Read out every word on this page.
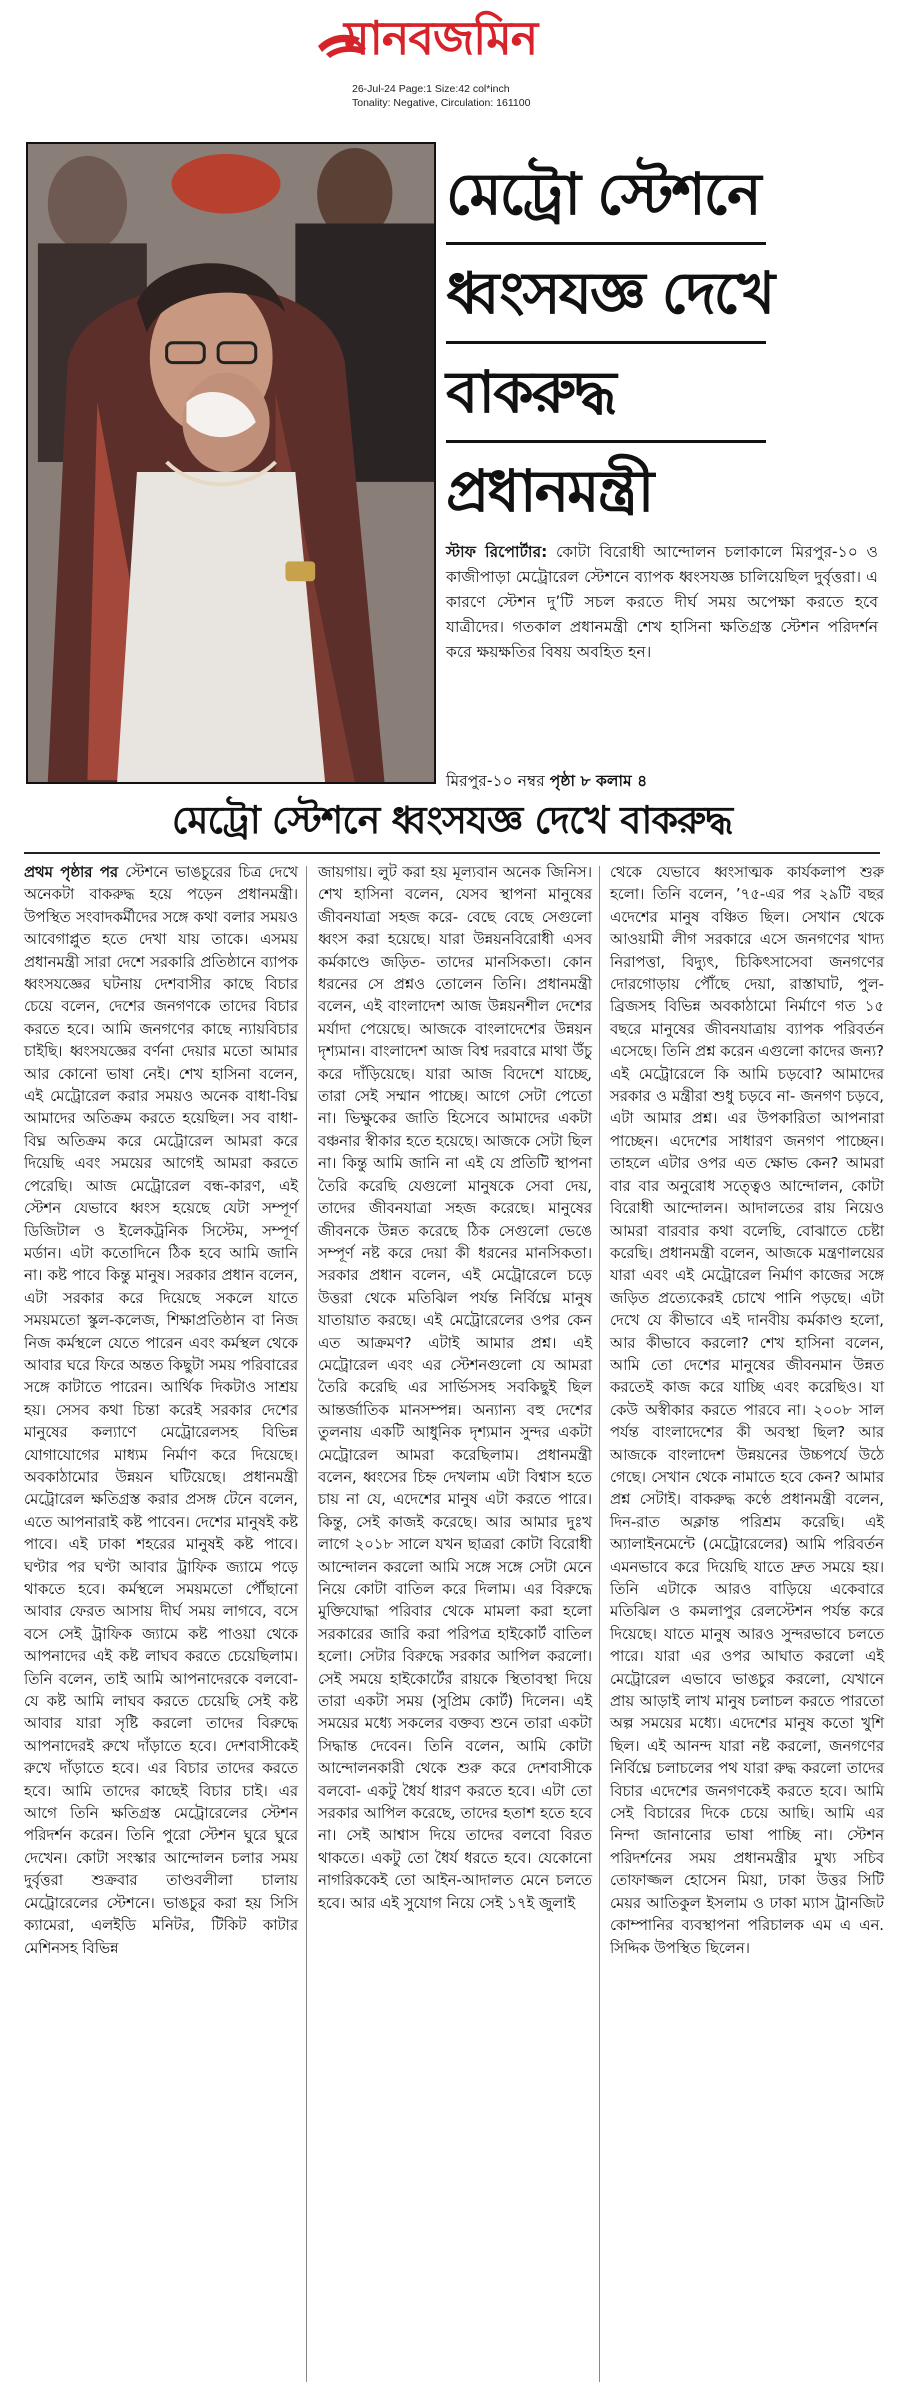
মানবজমিন
26-Jul-24 Page:1 Size:42 col*inch
Tonality: Negative, Circulation: 161100
মেট্রো স্টেশনে
ধ্বংসযজ্ঞ দেখে
বাকরুদ্ধ
প্রধানমন্ত্রী
স্টাফ রিপোর্টার: কোটা বিরোধী আন্দোলন চলাকালে মিরপুর-১০ ও কাজীপাড়া মেট্রোরেল স্টেশনে ব্যাপক ধ্বংসযজ্ঞ চালিয়েছিল দুর্বৃত্তরা। এ কারণে স্টেশন দু’টি সচল করতে দীর্ঘ সময় অপেক্ষা করতে হবে যাত্রীদের। গতকাল প্রধানমন্ত্রী শেখ হাসিনা ক্ষতিগ্রস্ত স্টেশন পরিদর্শন করে ক্ষয়ক্ষতির বিষয় অবহিত হন।
মিরপুর-১০ নম্বর পৃষ্ঠা ৮ কলাম ৪
মেট্রো স্টেশনে ধ্বংসযজ্ঞ দেখে বাকরুদ্ধ
প্রথম পৃষ্ঠার পর স্টেশনে ভাঙচুরের চিত্র দেখে অনেকটা বাকরুদ্ধ হয়ে পড়েন প্রধানমন্ত্রী। উপস্থিত সংবাদকর্মীদের সঙ্গে কথা বলার সময়ও আবেগাপ্লুত হতে দেখা যায় তাকে। এসময় প্রধানমন্ত্রী সারা দেশে সরকারি প্রতিষ্ঠানে ব্যাপক ধ্বংসযজ্ঞের ঘটনায় দেশবাসীর কাছে বিচার চেয়ে বলেন, দেশের জনগণকে তাদের বিচার করতে হবে। আমি জনগণের কাছে ন্যায়বিচার চাইছি। ধ্বংসযজ্ঞের বর্ণনা দেয়ার মতো আমার আর কোনো ভাষা নেই। শেখ হাসিনা বলেন, এই মেট্রোরেল করার সময়ও অনেক বাধা-বিঘ্ন আমাদের অতিক্রম করতে হয়েছিল। সব বাধা-বিঘ্ন অতিক্রম করে মেট্রোরেল আমরা করে দিয়েছি এবং সময়ের আগেই আমরা করতে পেরেছি। আজ মেট্রোরেল বন্ধ-কারণ, এই স্টেশন যেভাবে ধ্বংস হয়েছে যেটা সম্পূর্ণ ডিজিটাল ও ইলেকট্রনিক সিস্টেম, সম্পূর্ণ মর্ডান। এটা কতোদিনে ঠিক হবে আমি জানি না। কষ্ট পাবে কিন্তু মানুষ। সরকার প্রধান বলেন, এটা সরকার করে দিয়েছে সকলে যাতে সময়মতো স্কুল-কলেজ, শিক্ষাপ্রতিষ্ঠান বা নিজ নিজ কর্মস্থলে যেতে পারেন এবং কর্মস্থল থেকে আবার ঘরে ফিরে অন্তত কিছুটা সময় পরিবারের সঙ্গে কাটাতে পারেন। আর্থিক দিকটাও সাশ্রয় হয়। সেসব কথা চিন্তা করেই সরকার দেশের মানুষের কল্যাণে মেট্রোরেলসহ বিভিন্ন যোগাযোগের মাধ্যম নির্মাণ করে দিয়েছে। অবকাঠামোর উন্নয়ন ঘটিয়েছে। প্রধানমন্ত্রী মেট্রোরেল ক্ষতিগ্রস্ত করার প্রসঙ্গ টেনে বলেন, এতে আপনারাই কষ্ট পাবেন। দেশের মানুষই কষ্ট পাবে। এই ঢাকা শহরের মানুষই কষ্ট পাবে। ঘণ্টার পর ঘণ্টা আবার ট্রাফিক জ্যামে পড়ে থাকতে হবে। কর্মস্থলে সময়মতো পৌঁছানো আবার ফেরত আসায় দীর্ঘ সময় লাগবে, বসে বসে সেই ট্রাফিক জ্যামে কষ্ট পাওয়া থেকে আপনাদের এই কষ্ট লাঘব করতে চেয়েছিলাম। তিনি বলেন, তাই আমি আপনাদেরকে বলবো- যে কষ্ট আমি লাঘব করতে চেয়েছি সেই কষ্ট আবার যারা সৃষ্টি করলো তাদের বিরুদ্ধে আপনাদেরই রুখে দাঁড়াতে হবে। দেশবাসীকেই রুখে দাঁড়াতে হবে। এর বিচার তাদের করতে হবে। আমি তাদের কাছেই বিচার চাই। এর আগে তিনি ক্ষতিগ্রস্ত মেট্রোরেলের স্টেশন পরিদর্শন করেন। তিনি পুরো স্টেশন ঘুরে ঘুরে দেখেন। কোটা সংস্কার আন্দোলন চলার সময় দুর্বৃত্তরা শুক্রবার তাণ্ডবলীলা চালায় মেট্রোরেলের স্টেশনে। ভাঙচুর করা হয় সিসি ক্যামেরা, এলইডি মনিটর, টিকিট কাটার মেশিনসহ বিভিন্ন
জায়গায়। লুট করা হয় মূল্যবান অনেক জিনিস। শেখ হাসিনা বলেন, যেসব স্থাপনা মানুষের জীবনযাত্রা সহজ করে- বেছে বেছে সেগুলো ধ্বংস করা হয়েছে। যারা উন্নয়নবিরোধী এসব কর্মকাণ্ডে জড়িত- তাদের মানসিকতা। কোন ধরনের সে প্রশ্নও তোলেন তিনি। প্রধানমন্ত্রী বলেন, এই বাংলাদেশ আজ উন্নয়নশীল দেশের মর্যাদা পেয়েছে। আজকে বাংলাদেশের উন্নয়ন দৃশ্যমান। বাংলাদেশ আজ বিশ্ব দরবারে মাথা উঁচু করে দাঁড়িয়েছে। যারা আজ বিদেশে যাচ্ছে, তারা সেই সম্মান পাচ্ছে। আগে সেটা পেতো না। ভিক্ষুকের জাতি হিসেবে আমাদের একটা বঞ্চনার স্বীকার হতে হয়েছে। আজকে সেটা ছিল না। কিন্তু আমি জানি না এই যে প্রতিটি স্থাপনা তৈরি করেছি যেগুলো মানুষকে সেবা দেয়, তাদের জীবনযাত্রা সহজ করেছে। মানুষের জীবনকে উন্নত করেছে ঠিক সেগুলো ভেঙে সম্পূর্ণ নষ্ট করে দেয়া কী ধরনের মানসিকতা। সরকার প্রধান বলেন, এই মেট্রোরেলে চড়ে উত্তরা থেকে মতিঝিল পর্যন্ত নির্বিঘ্নে মানুষ যাতায়াত করছে। এই মেট্রোরেলের ওপর কেন এত আক্রমণ? এটাই আমার প্রশ্ন। এই মেট্রোরেল এবং এর স্টেশনগুলো যে আমরা তৈরি করেছি এর সার্ভিসসহ সবকিছুই ছিল আন্তর্জাতিক মানসম্পন্ন। অন্যান্য বহু দেশের তুলনায় একটি আধুনিক দৃশ্যমান সুন্দর একটা মেট্রোরেল আমরা করেছিলাম। প্রধানমন্ত্রী বলেন, ধ্বংসের চিহ্ন দেখলাম এটা বিশ্বাস হতে চায় না যে, এদেশের মানুষ এটা করতে পারে। কিন্তু, সেই কাজই করেছে। আর আমার দুঃখ লাগে ২০১৮ সালে যখন ছাত্ররা কোটা বিরোধী আন্দোলন করলো আমি সঙ্গে সঙ্গে সেটা মেনে নিয়ে কোটা বাতিল করে দিলাম। এর বিরুদ্ধে মুক্তিযোদ্ধা পরিবার থেকে মামলা করা হলো সরকারের জারি করা পরিপত্র হাইকোর্ট বাতিল হলো। সেটার বিরুদ্ধে সরকার আপিল করলো। সেই সময়ে হাইকোর্টের রায়কে স্থিতাবস্থা দিয়ে তারা একটা সময় (সুপ্রিম কোর্ট) দিলেন। এই সময়ের মধ্যে সকলের বক্তব্য শুনে তারা একটা সিদ্ধান্ত দেবেন। তিনি বলেন, আমি কোটা আন্দোলনকারী থেকে শুরু করে দেশবাসীকে বলবো- একটু ধৈর্য ধারণ করতে হবে। এটা তো সরকার আপিল করেছে, তাদের হতাশ হতে হবে না। সেই আশ্বাস দিয়ে তাদের বলবো বিরত থাকতে। একটু তো ধৈর্য ধরতে হবে। যেকোনো নাগরিককেই তো আইন-আদালত মেনে চলতে হবে। আর এই সুযোগ নিয়ে সেই ১৭ই জুলাই
থেকে যেভাবে ধ্বংসাত্মক কার্যকলাপ শুরু হলো। তিনি বলেন, ’৭৫-এর পর ২৯টি বছর এদেশের মানুষ বঞ্চিত ছিল। সেখান থেকে আওয়ামী লীগ সরকারে এসে জনগণের খাদ্য নিরাপত্তা, বিদ্যুৎ, চিকিৎসাসেবা জনগণের দোরগোড়ায় পৌঁছে দেয়া, রাস্তাঘাট, পুল-ব্রিজসহ বিভিন্ন অবকাঠামো নির্মাণে গত ১৫ বছরে মানুষের জীবনযাত্রায় ব্যাপক পরিবর্তন এসেছে। তিনি প্রশ্ন করেন এগুলো কাদের জন্য? এই মেট্রোরেলে কি আমি চড়বো? আমাদের সরকার ও মন্ত্রীরা শুধু চড়বে না- জনগণ চড়বে, এটা আমার প্রশ্ন। এর উপকারিতা আপনারা পাচ্ছেন। এদেশের সাধারণ জনগণ পাচ্ছেন। তাহলে এটার ওপর এত ক্ষোভ কেন? আমরা বার বার অনুরোধ সত্ত্বেও আন্দোলন, কোটা বিরোধী আন্দোলন। আদালতের রায় নিয়েও আমরা বারবার কথা বলেছি, বোঝাতে চেষ্টা করেছি। প্রধানমন্ত্রী বলেন, আজকে মন্ত্রণালয়ের যারা এবং এই মেট্রোরেল নির্মাণ কাজের সঙ্গে জড়িত প্রত্যেকেরই চোখে পানি পড়ছে। এটা দেখে যে কীভাবে এই দানবীয় কর্মকাণ্ড হলো, আর কীভাবে করলো? শেখ হাসিনা বলেন, আমি তো দেশের মানুষের জীবনমান উন্নত করতেই কাজ করে যাচ্ছি এবং করেছিও। যা কেউ অস্বীকার করতে পারবে না। ২০০৮ সাল পর্যন্ত বাংলাদেশের কী অবস্থা ছিল? আর আজকে বাংলাদেশ উন্নয়নের উচ্চপর্যে উঠে গেছে। সেখান থেকে নামাতে হবে কেন? আমার প্রশ্ন সেটাই। বাকরুদ্ধ কণ্ঠে প্রধানমন্ত্রী বলেন, দিন-রাত অক্লান্ত পরিশ্রম করেছি। এই অ্যালাইনমেন্টে (মেট্রোরেলের) আমি পরিবর্তন এমনভাবে করে দিয়েছি যাতে দ্রুত সময়ে হয়। তিনি এটাকে আরও বাড়িয়ে একেবারে মতিঝিল ও কমলাপুর রেলস্টেশন পর্যন্ত করে দিয়েছে। যাতে মানুষ আরও সুন্দরভাবে চলতে পারে। যারা এর ওপর আঘাত করলো এই মেট্রোরেল এভাবে ভাঙচুর করলো, যেখানে প্রায় আড়াই লাখ মানুষ চলাচল করতে পারতো অল্প সময়ের মধ্যে। এদেশের মানুষ কতো খুশি ছিল। এই আনন্দ যারা নষ্ট করলো, জনগণের নির্বিঘ্নে চলাচলের পথ যারা রুদ্ধ করলো তাদের বিচার এদেশের জনগণকেই করতে হবে। আমি সেই বিচারের দিকে চেয়ে আছি। আমি এর নিন্দা জানানোর ভাষা পাচ্ছি না। স্টেশন পরিদর্শনের সময় প্রধানমন্ত্রীর মুখ্য সচিব তোফাজ্জল হোসেন মিয়া, ঢাকা উত্তর সিটি মেয়র আতিকুল ইসলাম ও ঢাকা ম্যাস ট্রানজিট কোম্পানির ব্যবস্থাপনা পরিচালক এম এ এন. সিদ্দিক উপস্থিত ছিলেন।
